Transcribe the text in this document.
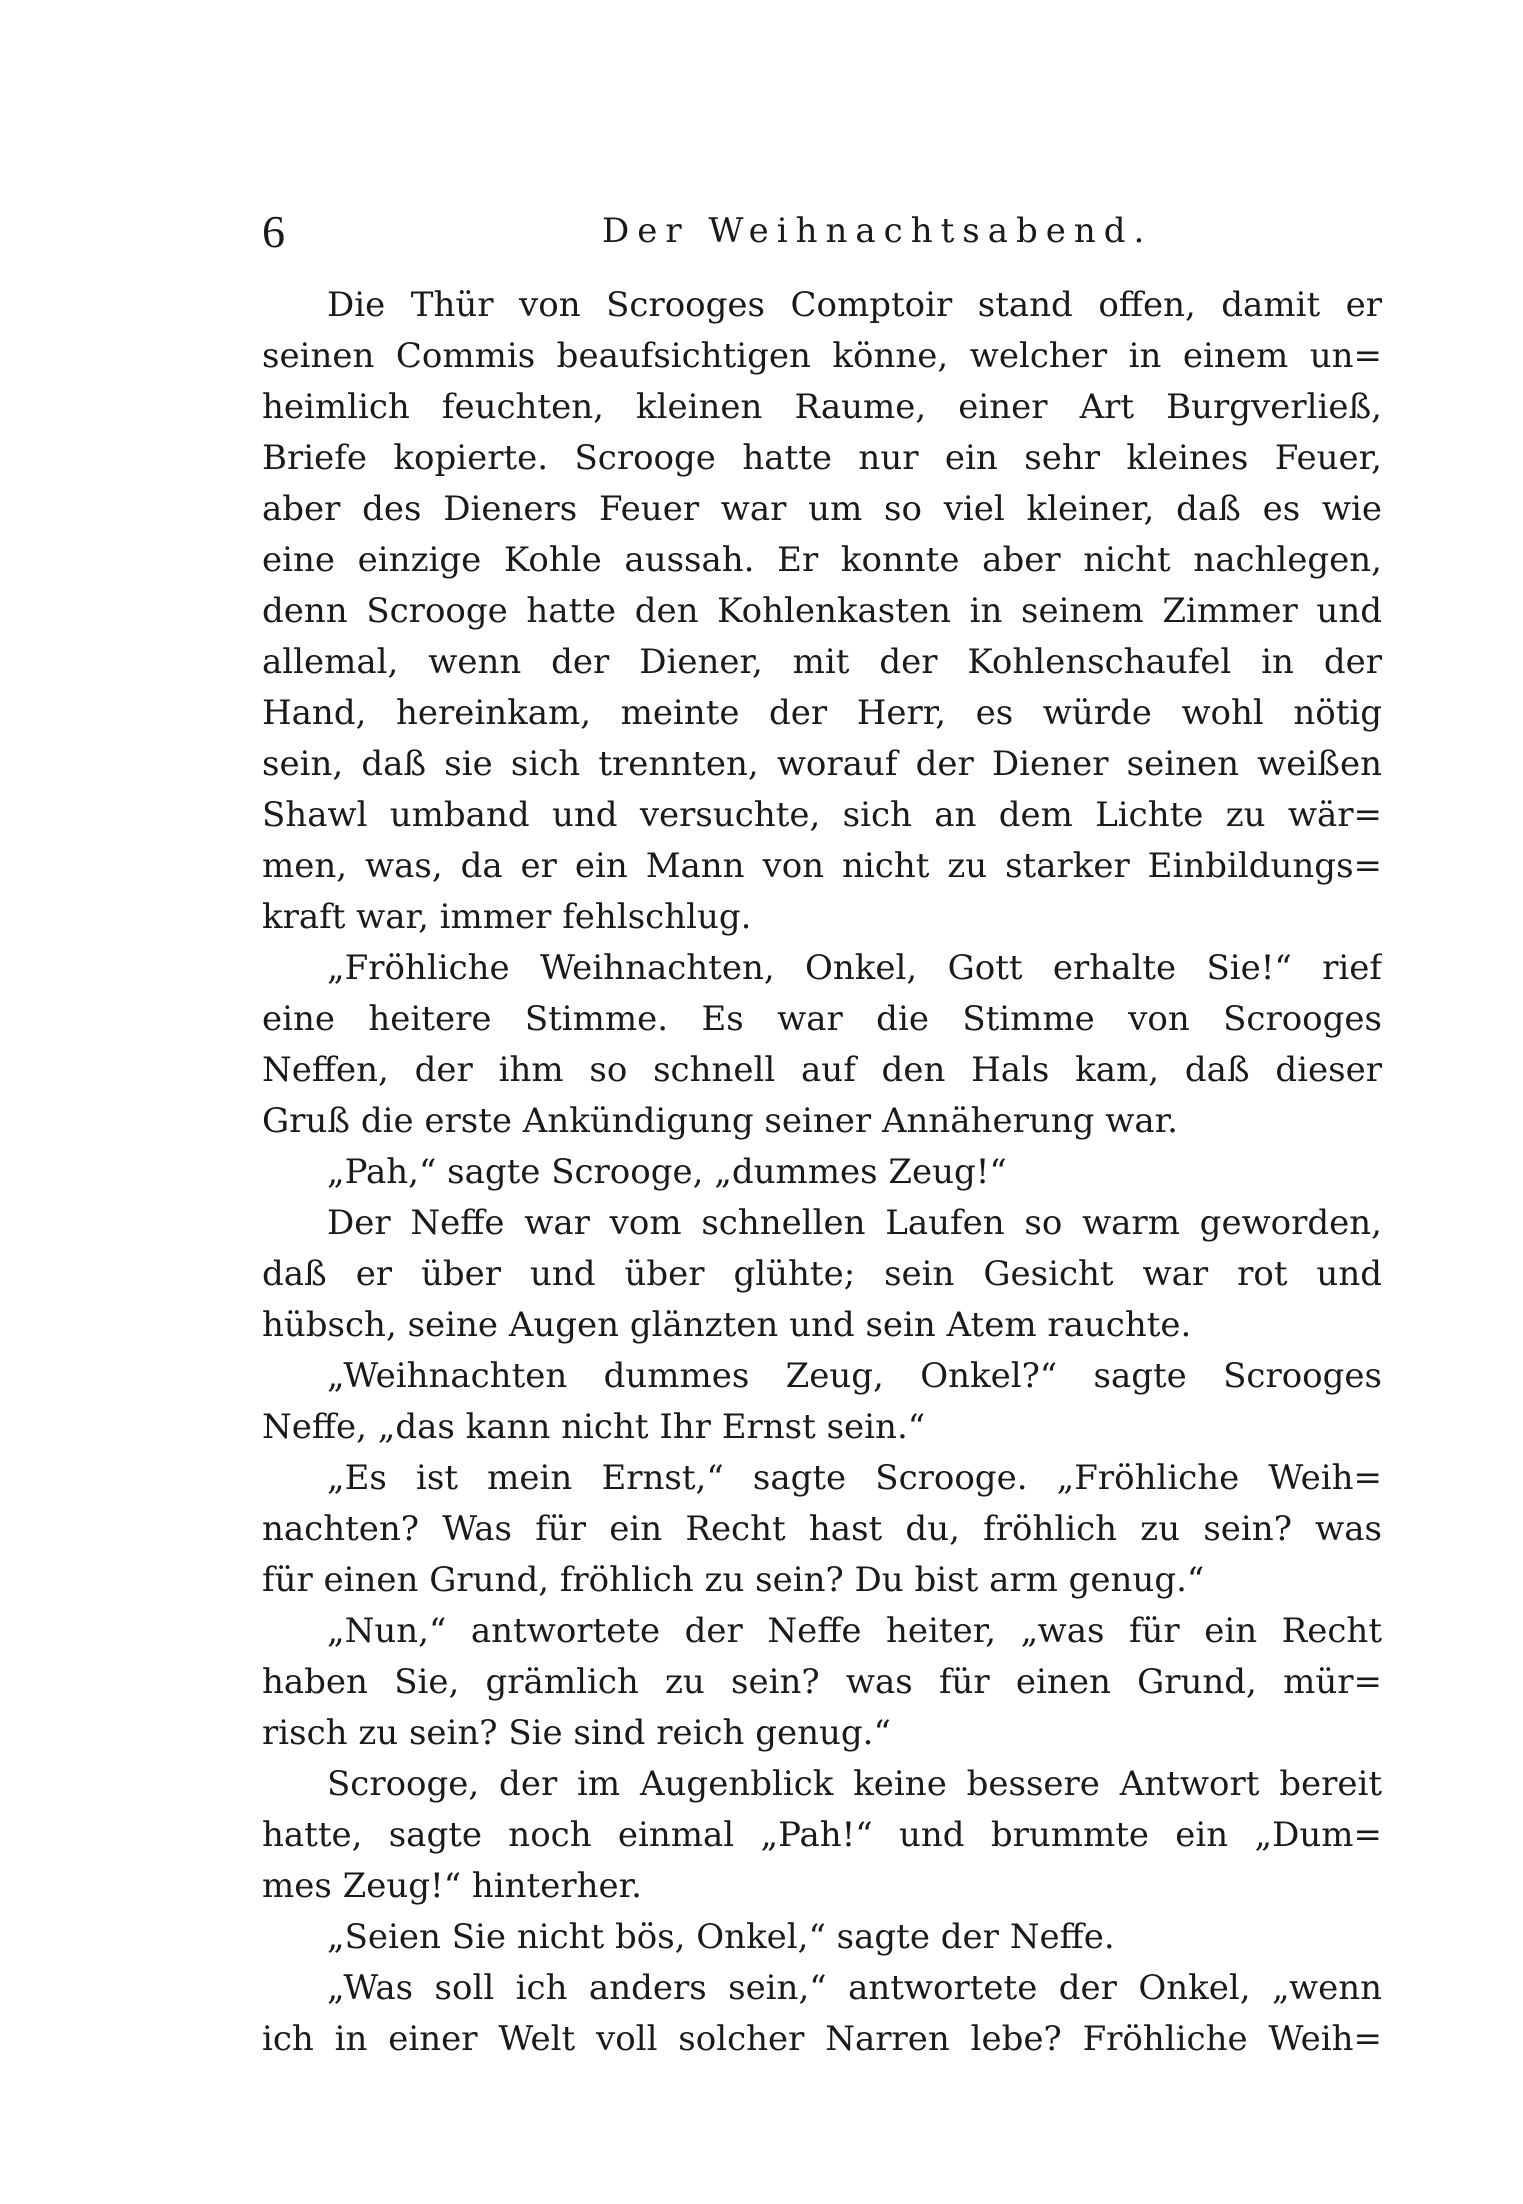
6	Der Weihnachtsabend.
Die Thür von Scrooges Comptoir stand offen, damit er
seinen Commis beaufsichtigen könne, welcher in einem un=
heimlich feuchten, kleinen Raume, einer Art Burgverließ,
Briefe kopierte. Scrooge hatte nur ein sehr kleines Feuer,
aber des Dieners Feuer war um so viel kleiner, daß es wie
eine einzige Kohle aussah. Er konnte aber nicht nachlegen,
denn Scrooge hatte den Kohlenkasten in seinem Zimmer und
allemal, wenn der Diener, mit der Kohlenschaufel in der
Hand, hereinkam, meinte der Herr, es würde wohl nötig
sein, daß sie sich trennten, worauf der Diener seinen weißen
Shawl umband und versuchte, sich an dem Lichte zu wär=
men, was, da er ein Mann von nicht zu starker Einbildungs=
kraft war, immer fehlschlug.
„Fröhliche Weihnachten, Onkel, Gott erhalte Sie!“ rief
eine heitere Stimme. Es war die Stimme von Scrooges
Neffen, der ihm so schnell auf den Hals kam, daß dieser
Gruß die erste Ankündigung seiner Annäherung war.
„Pah,“ sagte Scrooge, „dummes Zeug!“
Der Neffe war vom schnellen Laufen so warm geworden,
daß er über und über glühte; sein Gesicht war rot und
hübsch, seine Augen glänzten und sein Atem rauchte.
„Weihnachten dummes Zeug, Onkel?“ sagte Scrooges
Neffe, „das kann nicht Ihr Ernst sein.“
„Es ist mein Ernst,“ sagte Scrooge. „Fröhliche Weih=
nachten? Was für ein Recht hast du, fröhlich zu sein? was
für einen Grund, fröhlich zu sein? Du bist arm genug.“
„Nun,“ antwortete der Neffe heiter, „was für ein Recht
haben Sie, grämlich zu sein? was für einen Grund, mür=
risch zu sein? Sie sind reich genug.“
Scrooge, der im Augenblick keine bessere Antwort bereit
hatte, sagte noch einmal „Pah!“ und brummte ein „Dum=
mes Zeug!“ hinterher.
„Seien Sie nicht bös, Onkel,“ sagte der Neffe.
„Was soll ich anders sein,“ antwortete der Onkel, „wenn
ich in einer Welt voll solcher Narren lebe? Fröhliche Weih=
